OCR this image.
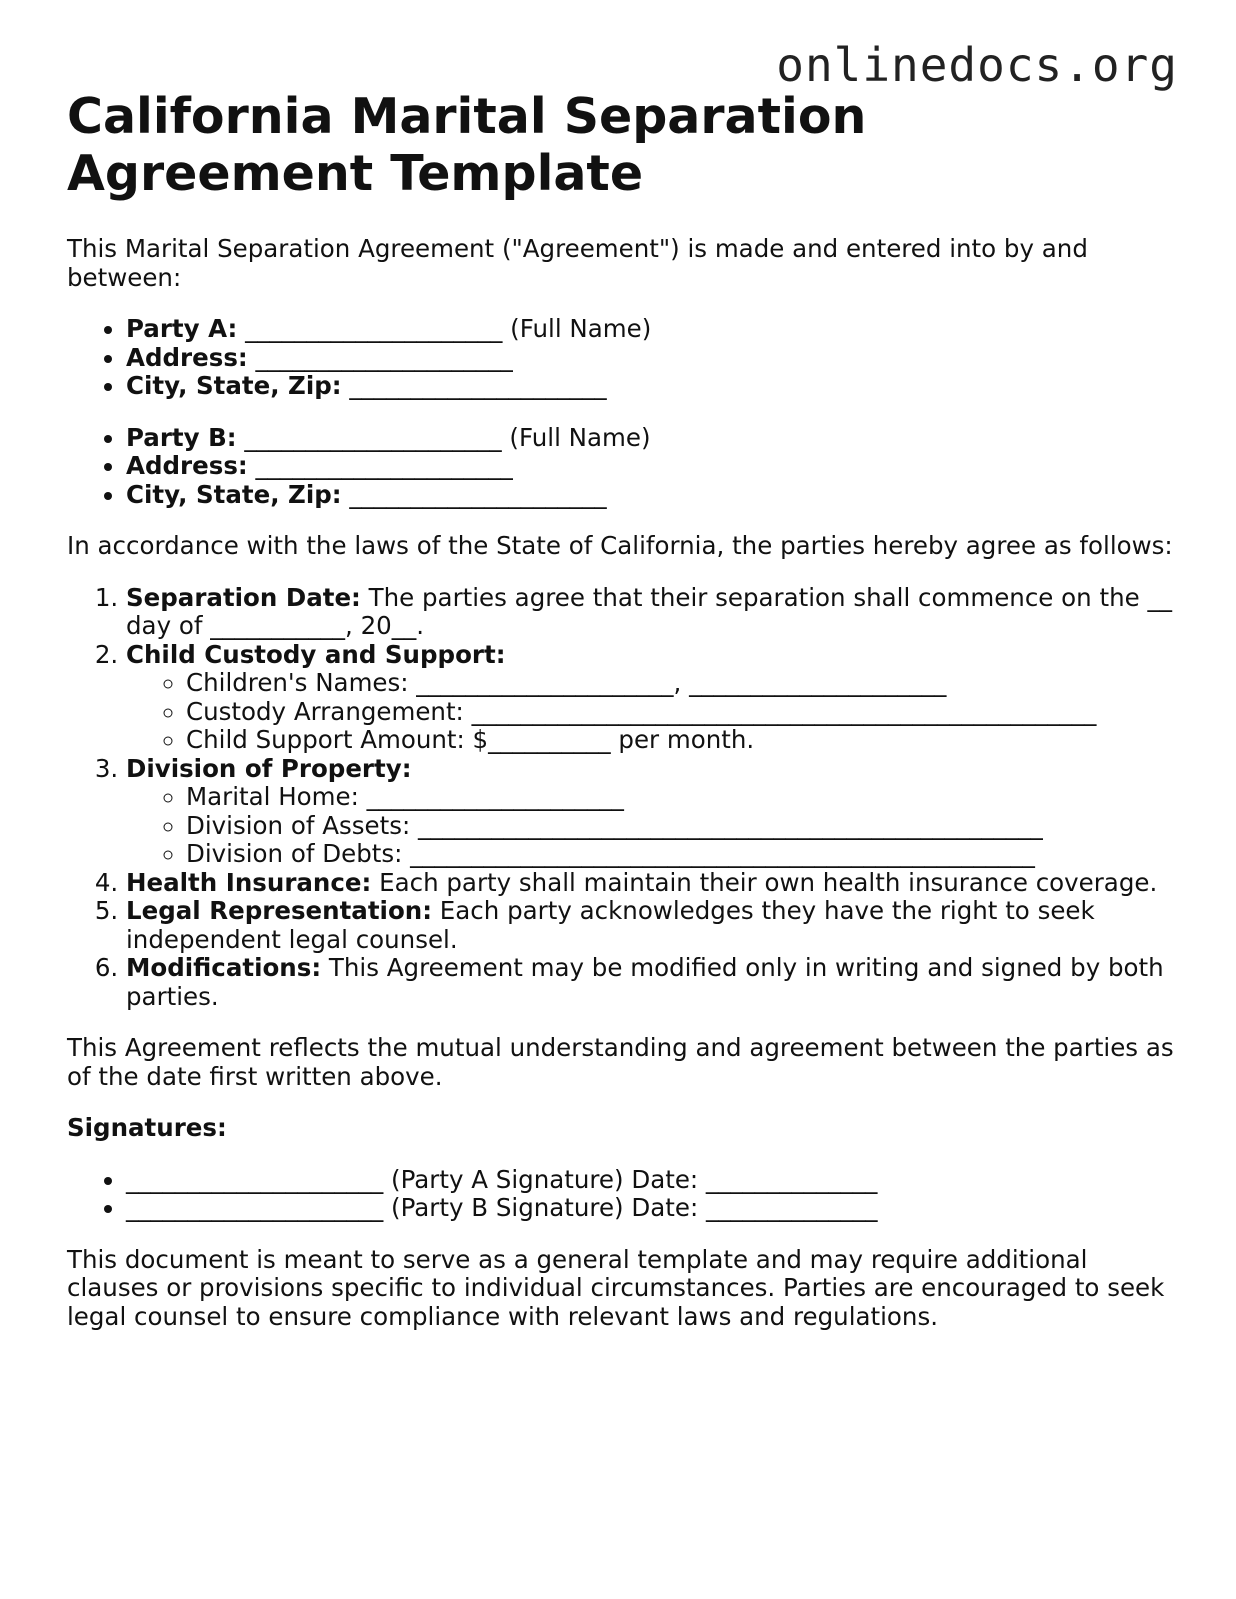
onlinedocs.org
California Marital Separation
Agreement Template

This Marital Separation Agreement ("Agreement") is made and entered into by and between:

• Party A: _____________________ (Full Name)
• Address: _____________________
• City, State, Zip: _____________________
• Party B: _____________________ (Full Name)
• Address: _____________________
• City, State, Zip: _____________________

In accordance with the laws of the State of California, the parties hereby agree as follows:

1. Separation Date: The parties agree that their separation shall commence on the __ day of ___________, 20__.
2. Child Custody and Support:
◦ Children's Names: _____________________, _____________________
◦ Custody Arrangement: ___________________________________________________
◦ Child Support Amount: $__________ per month.
3. Division of Property:
◦ Marital Home: _____________________
◦ Division of Assets: ___________________________________________________
◦ Division of Debts: ___________________________________________________
4. Health Insurance: Each party shall maintain their own health insurance coverage.
5. Legal Representation: Each party acknowledges they have the right to seek independent legal counsel.
6. Modifications: This Agreement may be modified only in writing and signed by both parties.

This Agreement reflects the mutual understanding and agreement between the parties as of the date first written above.

Signatures:

• _____________________ (Party A Signature) Date: ______________
• _____________________ (Party B Signature) Date: ______________

This document is meant to serve as a general template and may require additional clauses or provisions specific to individual circumstances. Parties are encouraged to seek legal counsel to ensure compliance with relevant laws and regulations.
